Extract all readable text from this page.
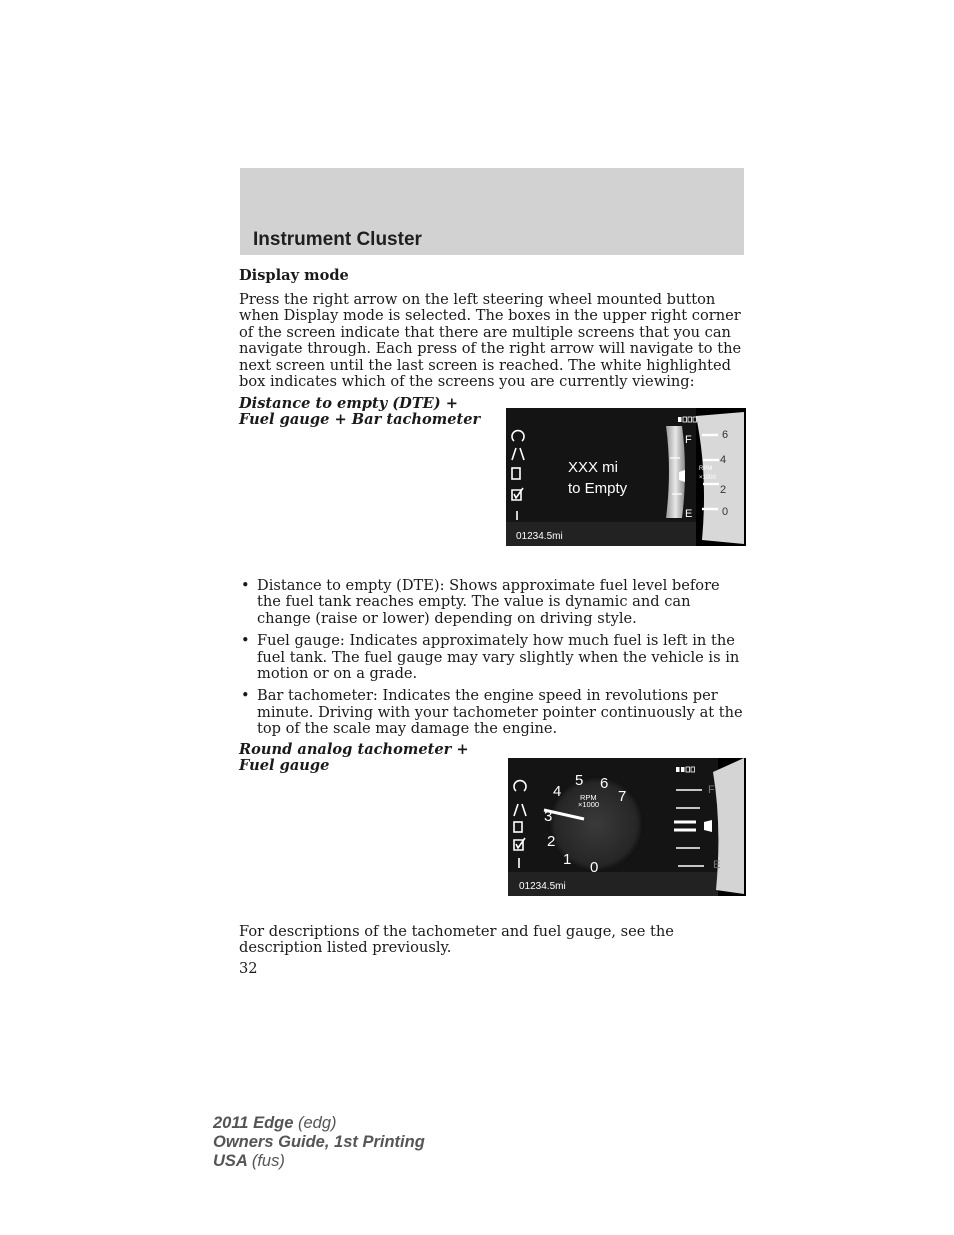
Instrument Cluster
Display mode
Press the right arrow on the left steering wheel mounted button when Display mode is selected. The boxes in the upper right corner of the screen indicate that there are multiple screens that you can navigate through. Each press of the right arrow will navigate to the next screen until the last screen is reached. The white highlighted box indicates which of the screens you are currently viewing:
Distance to empty (DTE) + Fuel gauge + Bar tachometer
XXX mi
to Empty
01234.5mi
F
E
RPM
×1000
6
4
2
0
• Distance to empty (DTE): Shows approximate fuel level before the fuel tank reaches empty. The value is dynamic and can change (raise or lower) depending on driving style.
• Fuel gauge: Indicates approximately how much fuel is left in the fuel tank. The fuel gauge may vary slightly when the vehicle is in motion or on a grade.
• Bar tachometer: Indicates the engine speed in revolutions per minute. Driving with your tachometer pointer continuously at the top of the scale may damage the engine.
Round analog tachometer + Fuel gauge
0
1
2
3
4
5 6
7
RPM
×1000
F
E
01234.5mi
For descriptions of the tachometer and fuel gauge, see the description listed previously.
32
2011 Edge (edg)
Owners Guide, 1st Printing
USA (fus)
